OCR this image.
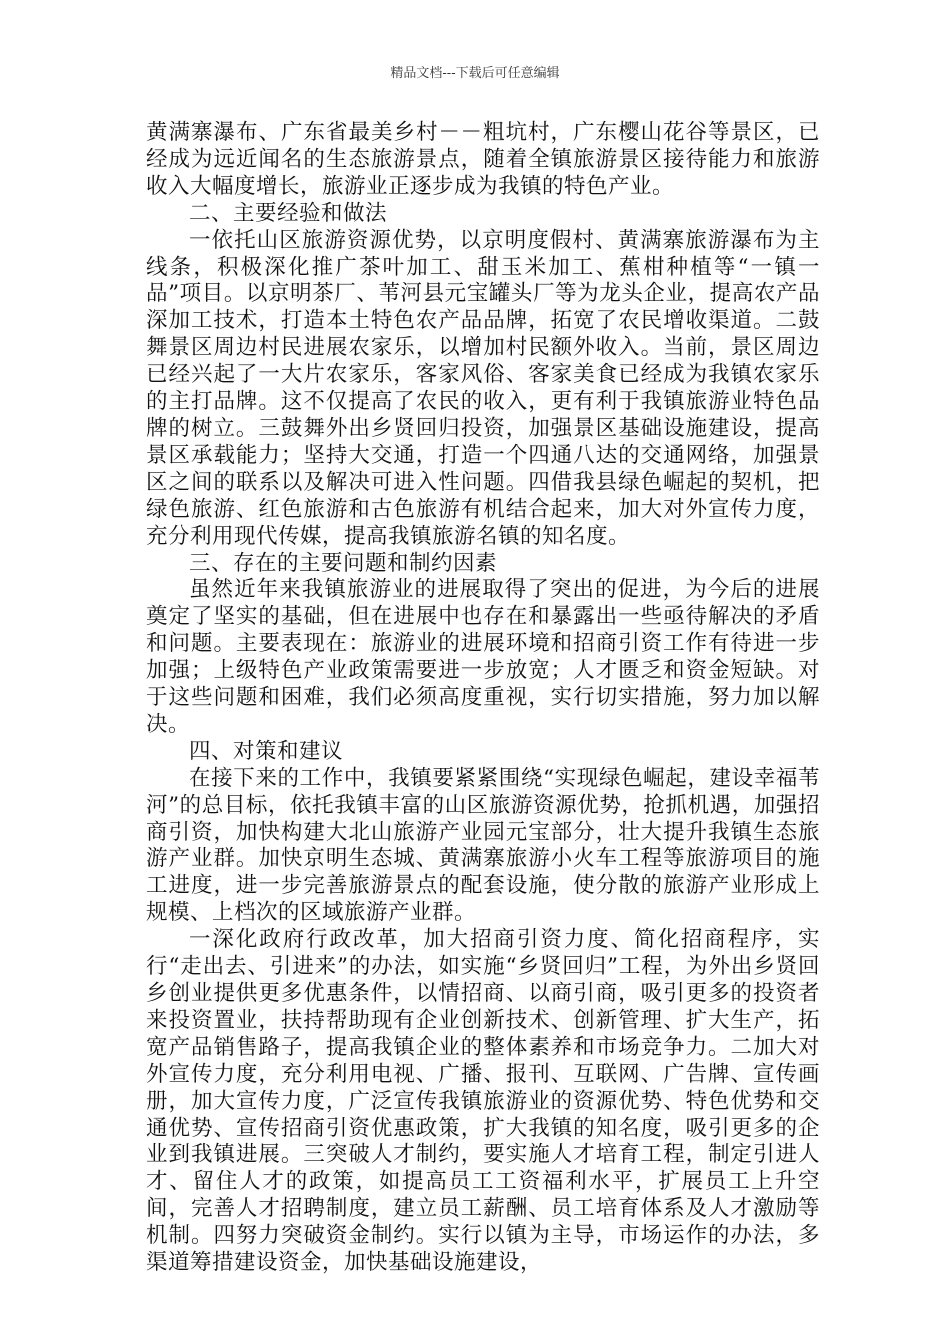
精品文档---下载后可任意编辑

黄满寨瀑布、广东省最美乡村－－粗坑村，广东樱山花谷等景区，已经成为远近闻名的生态旅游景点，随着全镇旅游景区接待能力和旅游收入大幅度增长，旅游业正逐步成为我镇的特色产业。

二、主要经验和做法

一依托山区旅游资源优势，以京明度假村、黄满寨旅游瀑布为主线条，积极深化推广茶叶加工、甜玉米加工、蕉柑种植等“一镇一品”项目。以京明茶厂、苇河县元宝罐头厂等为龙头企业，提高农产品深加工技术，打造本土特色农产品品牌，拓宽了农民增收渠道。二鼓舞景区周边村民进展农家乐，以增加村民额外收入。当前，景区周边已经兴起了一大片农家乐，客家风俗、客家美食已经成为我镇农家乐的主打品牌。这不仅提高了农民的收入，更有利于我镇旅游业特色品牌的树立。三鼓舞外出乡贤回归投资，加强景区基础设施建设，提高景区承载能力；坚持大交通，打造一个四通八达的交通网络，加强景区之间的联系以及解决可进入性问题。四借我县绿色崛起的契机，把绿色旅游、红色旅游和古色旅游有机结合起来，加大对外宣传力度，充分利用现代传媒，提高我镇旅游名镇的知名度。

三、存在的主要问题和制约因素

虽然近年来我镇旅游业的进展取得了突出的促进，为今后的进展奠定了坚实的基础，但在进展中也存在和暴露出一些亟待解决的矛盾和问题。主要表现在：旅游业的进展环境和招商引资工作有待进一步加强；上级特色产业政策需要进一步放宽；人才匮乏和资金短缺。对于这些问题和困难，我们必须高度重视，实行切实措施，努力加以解决。

四、对策和建议

在接下来的工作中，我镇要紧紧围绕“实现绿色崛起，建设幸福苇河”的总目标，依托我镇丰富的山区旅游资源优势，抢抓机遇，加强招商引资，加快构建大北山旅游产业园元宝部分，壮大提升我镇生态旅游产业群。加快京明生态城、黄满寨旅游小火车工程等旅游项目的施工进度，进一步完善旅游景点的配套设施，使分散的旅游产业形成上规模、上档次的区域旅游产业群。

一深化政府行政改革，加大招商引资力度、简化招商程序，实行“走出去、引进来”的办法，如实施“乡贤回归”工程，为外出乡贤回乡创业提供更多优惠条件，以情招商、以商引商，吸引更多的投资者来投资置业，扶持帮助现有企业创新技术、创新管理、扩大生产，拓宽产品销售路子，提高我镇企业的整体素养和市场竞争力。二加大对外宣传力度，充分利用电视、广播、报刊、互联网、广告牌、宣传画册，加大宣传力度，广泛宣传我镇旅游业的资源优势、特色优势和交通优势、宣传招商引资优惠政策，扩大我镇的知名度，吸引更多的企业到我镇进展。三突破人才制约，要实施人才培育工程，制定引进人才、留住人才的政策，如提高员工工资福利水平，扩展员工上升空间，完善人才招聘制度，建立员工薪酬、员工培育体系及人才激励等机制。四努力突破资金制约。实行以镇为主导，市场运作的办法，多渠道筹措建设资金，加快基础设施建设，
